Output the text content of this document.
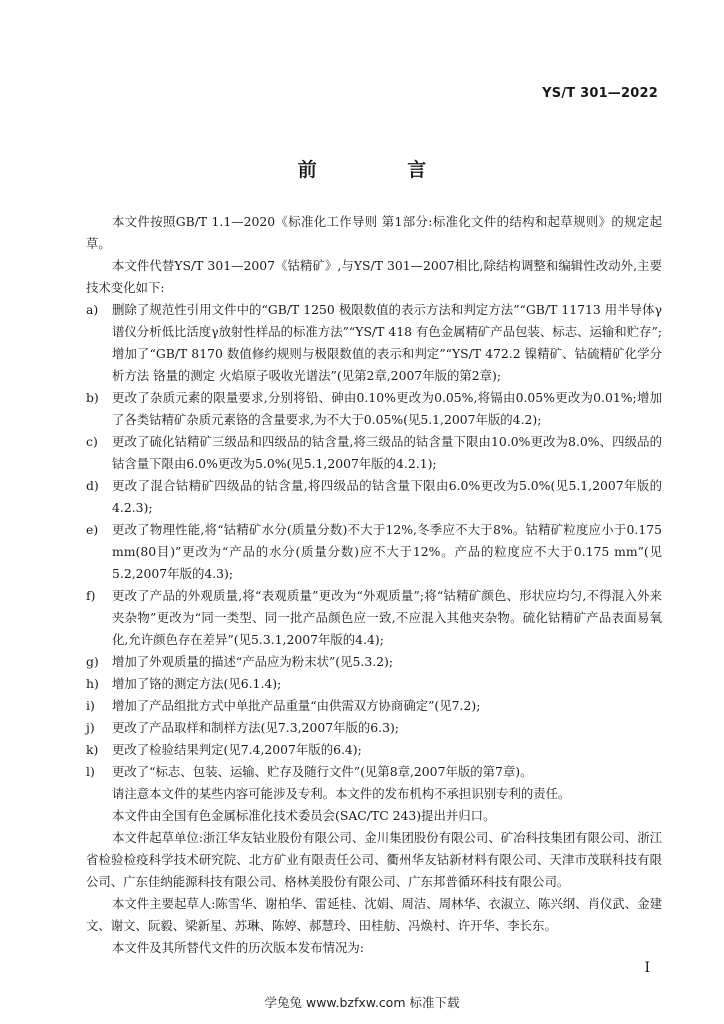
YS/T 301—2022
前 言

本文件按照GB/T 1.1—2020《标准化工作导则 第1部分:标准化文件的结构和起草规则》的规定起草。

本文件代替YS/T 301—2007《钴精矿》,与YS/T 301—2007相比,除结构调整和编辑性改动外,主要技术变化如下:

a)	删除了规范性引用文件中的“GB/T 1250 极限数值的表示方法和判定方法”“GB/T 11713 用半导体γ谱仪分析低比活度γ放射性样品的标准方法”“YS/T 418 有色金属精矿产品包装、标志、运输和贮存”;增加了“GB/T 8170 数值修约规则与极限数值的表示和判定”“YS/T 472.2 镍精矿、钴硫精矿化学分析方法 铬量的测定 火焰原子吸收光谱法”(见第2章,2007年版的第2章);

b)	更改了杂质元素的限量要求,分别将铅、砷由0.10%更改为0.05%,将镉由0.05%更改为0.01%;增加了各类钴精矿杂质元素铬的含量要求,为不大于0.05%(见5.1,2007年版的4.2);

c)	更改了硫化钴精矿三级品和四级品的钴含量,将三级品的钴含量下限由10.0%更改为8.0%、四级品的钴含量下限由6.0%更改为5.0%(见5.1,2007年版的4.2.1);

d)	更改了混合钴精矿四级品的钴含量,将四级品的钴含量下限由6.0%更改为5.0%(见5.1,2007年版的4.2.3);

e)	更改了物理性能,将“钴精矿水分(质量分数)不大于12%,冬季应不大于8%。钴精矿粒度应小于0.175 mm(80目)”更改为“产品的水分(质量分数)应不大于12%。产品的粒度应不大于0.175 mm”(见5.2,2007年版的4.3);

f)	更改了产品的外观质量,将“表观质量”更改为“外观质量”;将“钴精矿颜色、形状应均匀,不得混入外来夹杂物”更改为“同一类型、同一批产品颜色应一致,不应混入其他夹杂物。硫化钴精矿产品表面易氧化,允许颜色存在差异”(见5.3.1,2007年版的4.4);

g)	增加了外观质量的描述“产品应为粉末状”(见5.3.2);

h)	增加了铬的测定方法(见6.1.4);

i)	增加了产品组批方式中单批产品重量“由供需双方协商确定”(见7.2);

j)	更改了产品取样和制样方法(见7.3,2007年版的6.3);

k)	更改了检验结果判定(见7.4,2007年版的6.4);

l)	更改了“标志、包装、运输、贮存及随行文件”(见第8章,2007年版的第7章)。

请注意本文件的某些内容可能涉及专利。本文件的发布机构不承担识别专利的责任。

本文件由全国有色金属标准化技术委员会(SAC/TC 243)提出并归口。

本文件起草单位:浙江华友钴业股份有限公司、金川集团股份有限公司、矿冶科技集团有限公司、浙江省检验检疫科学技术研究院、北方矿业有限责任公司、衢州华友钴新材料有限公司、天津市茂联科技有限公司、广东佳纳能源科技有限公司、格林美股份有限公司、广东邦普循环科技有限公司。

本文件主要起草人:陈雪华、谢柏华、雷延桂、沈娟、周洁、周林华、衣淑立、陈兴纲、肖仪武、金建文、谢文、阮毅、梁新星、苏琳、陈婷、郝慧玲、田桂舫、冯焕村、许开华、李长东。

本文件及其所替代文件的历次版本发布情况为:

I
学兔兔 www.bzfxw.com 标准下载
